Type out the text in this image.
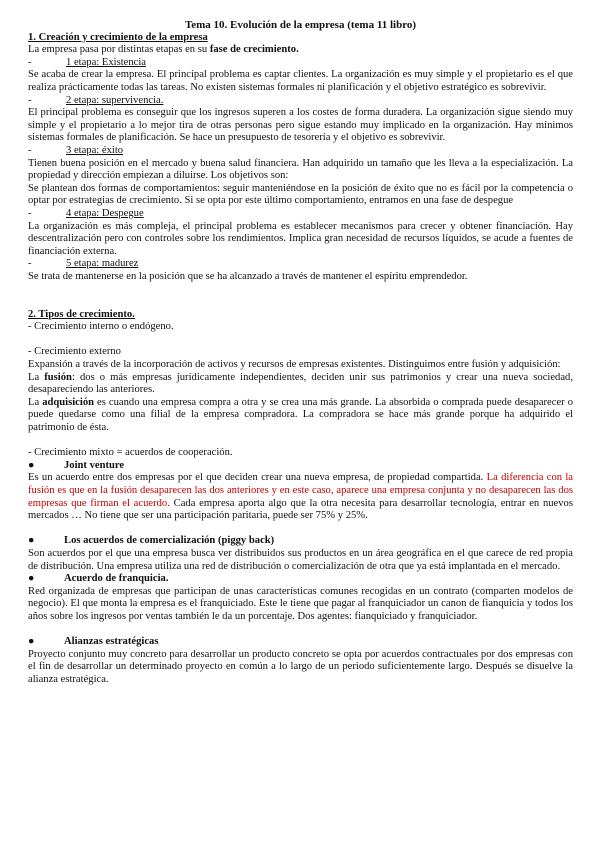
Tema 10. Evolución de la empresa (tema 11 libro)
1. Creación y crecimiento de la empresa

La empresa pasa por distintas etapas en su fase de crecimiento.

-	1 etapa: Existencia

Se acaba de crear la empresa. El principal problema es captar clientes. La organización es muy simple y el propietario es el que realiza prácticamente todas las tareas. No existen sistemas formales ni planificación y el objetivo estratégico es sobrevivir.

-	2 etapa: supervivencia.

El principal problema es conseguir que los ingresos superen a los costes de forma duradera. La organización sigue siendo muy simple y el propietario a lo mejor tira de otras personas pero sigue estando muy implicado en la organización. Hay mínimos sistemas formales de planificación. Se hace un presupuesto de tesorería y el objetivo es sobrevivir.

-	3 etapa: éxito

Tienen buena posición en el mercado y buena salud financiera. Han adquirido un tamaño que les lleva a la especialización. La propiedad y dirección empiezan a diluirse. Los objetivos son:

Se plantean dos formas de comportamientos: seguir manteniéndose en la posición de éxito que no es fácil por la competencia o optar por estrategias de crecimiento. Si se opta por este último comportamiento, entramos en una fase de despegue

-	4 etapa: Despegue

La organización es más compleja, el principal problema es establecer mecanismos para crecer y obtener financiación. Hay descentralización pero con controles sobre los rendimientos. Implica gran necesidad de recursos líquidos, se acude a fuentes de financiación externa.

-	5 etapa: madurez

Se trata de mantenerse en la posición que se ha alcanzado a través de mantener el espíritu emprendedor.

2. Tipos de crecimiento.

- Crecimiento interno o endógeno.

- Crecimiento externo

Expansión a través de la incorporación de activos y recursos de empresas existentes. Distinguimos entre fusión y adquisición:

La fusión: dos o más empresas jurídicamente independientes, deciden unir sus patrimonios y crear una nueva sociedad, desapareciendo las anteriores.

La adquisición es cuando una empresa compra a otra y se crea una más grande. La absorbida o comprada puede desaparecer o puede quedarse como una filial de la empresa compradora. La compradora se hace más grande porque ha adquirido el patrimonio de ésta.

- Crecimiento mixto = acuerdos de cooperación.

●	Joint venture

Es un acuerdo entre dos empresas por el que deciden crear una nueva empresa, de propiedad compartida. La diferencia con la fusión es que en la fusión desaparecen las dos anteriores y en este caso, aparece una empresa conjunta y no desaparecen las dos empresas que firman el acuerdo. Cada empresa aporta algo que la otra necesita para desarrollar tecnología, entrar en nuevos mercados … No tiene que ser una participación paritaria, puede ser 75% y 25%.

●	Los acuerdos de comercialización (piggy back)

Son acuerdos por el que una empresa busca ver distribuidos sus productos en un área geográfica en el que carece de red propia de distribución. Una empresa utiliza una red de distribución o comercialización de otra que ya está implantada en el mercado.

●	Acuerdo de franquicia.

Red organizada de empresas que participan de unas características comunes recogidas en un contrato (comparten modelos de negocio). El que monta la empresa es el franquiciado. Este le tiene que pagar al franquiciador un canon de fianquicia y todos los años sobre los ingresos por ventas también le da un porcentaje. Dos agentes: fianquiciado y franquiciador.

●	Alianzas estratégicas

Proyecto conjunto muy concreto para desarrollar un producto concreto se opta por acuerdos contractuales por dos empresas con el fin de desarrollar un determinado proyecto en común a lo largo de un periodo suficientemente largo. Después se disuelve la alianza estratégica.
